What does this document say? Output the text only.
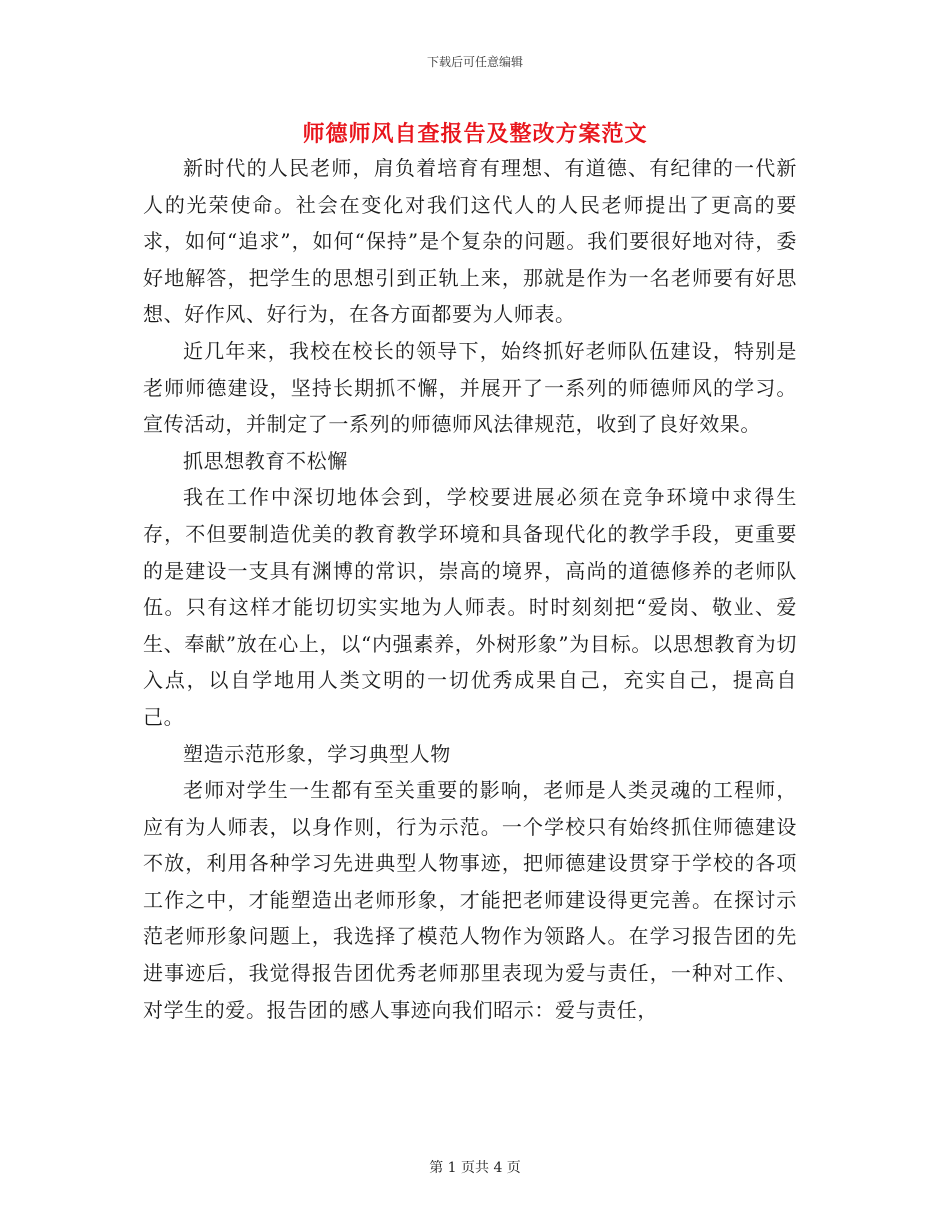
下载后可任意编辑
师德师风自查报告及整改方案范文

新时代的人民老师，肩负着培育有理想、有道德、有纪律的一代新人的光荣使命。社会在变化对我们这代人的人民老师提出了更高的要求，如何“追求”，如何“保持”是个复杂的问题。我们要很好地对待，委好地解答，把学生的思想引到正轨上来，那就是作为一名老师要有好思想、好作风、好行为，在各方面都要为人师表。

近几年来，我校在校长的领导下，始终抓好老师队伍建设，特别是老师师德建设，坚持长期抓不懈，并展开了一系列的师德师风的学习。宣传活动，并制定了一系列的师德师风法律规范，收到了良好效果。

抓思想教育不松懈

我在工作中深切地体会到，学校要进展必须在竞争环境中求得生存，不但要制造优美的教育教学环境和具备现代化的教学手段，更重要的是建设一支具有渊博的常识，崇高的境界，高尚的道德修养的老师队伍。只有这样才能切切实实地为人师表。时时刻刻把“爱岗、敬业、爱生、奉献”放在心上，以“内强素养，外树形象”为目标。以思想教育为切入点，以自学地用人类文明的一切优秀成果自己，充实自己，提高自己。

塑造示范形象，学习典型人物

老师对学生一生都有至关重要的影响，老师是人类灵魂的工程师，应有为人师表，以身作则，行为示范。一个学校只有始终抓住师德建设不放，利用各种学习先进典型人物事迹，把师德建设贯穿于学校的各项工作之中，才能塑造出老师形象，才能把老师建设得更完善。在探讨示范老师形象问题上，我选择了模范人物作为领路人。在学习报告团的先进事迹后，我觉得报告团优秀老师那里表现为爱与责任，一种对工作、对学生的爱。报告团的感人事迹向我们昭示：爱与责任，

第 1 页共 4 页
